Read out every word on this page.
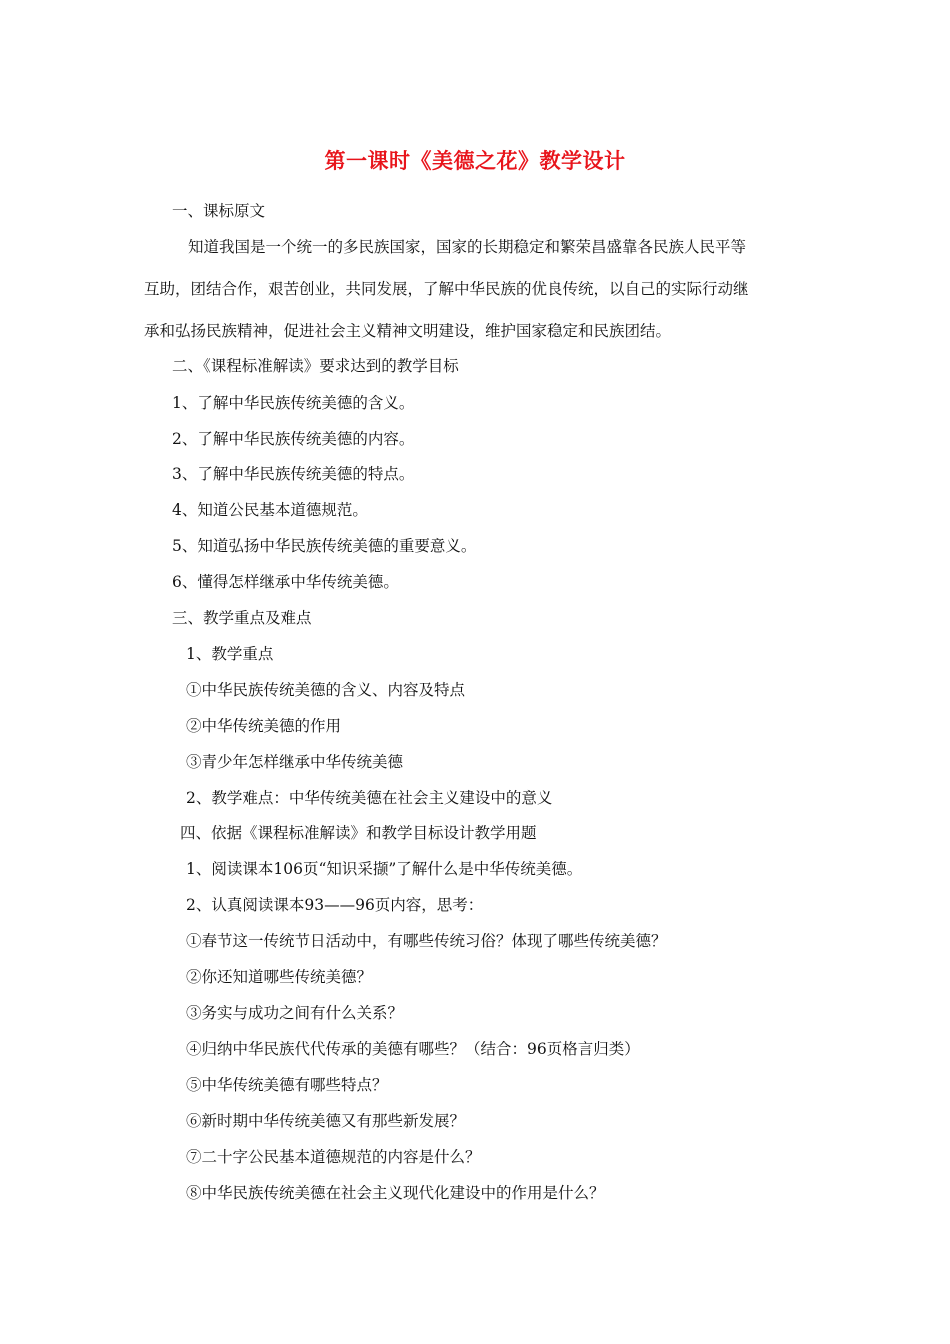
第一课时《美德之花》教学设计
一、课标原文
知道我国是一个统一的多民族国家，国家的长期稳定和繁荣昌盛靠各民族人民平等
互助，团结合作，艰苦创业，共同发展，了解中华民族的优良传统，以自己的实际行动继
承和弘扬民族精神，促进社会主义精神文明建设，维护国家稳定和民族团结。
二、《课程标准解读》要求达到的教学目标
1、了解中华民族传统美德的含义。
2、了解中华民族传统美德的内容。
3、了解中华民族传统美德的特点。
4、知道公民基本道德规范。
5、知道弘扬中华民族传统美德的重要意义。
6、懂得怎样继承中华传统美德。
三、教学重点及难点
1、教学重点
①中华民族传统美德的含义、内容及特点
②中华传统美德的作用
③青少年怎样继承中华传统美德
2、教学难点：中华传统美德在社会主义建设中的意义
四、依据《课程标准解读》和教学目标设计教学用题
1、阅读课本106页“知识采撷”了解什么是中华传统美德。
2、认真阅读课本93——96页内容，思考：
①春节这一传统节日活动中，有哪些传统习俗？体现了哪些传统美德？
②你还知道哪些传统美德？
③务实与成功之间有什么关系？
④归纳中华民族代代传承的美德有哪些？（结合：96页格言归类）
⑤中华传统美德有哪些特点？
⑥新时期中华传统美德又有那些新发展？
⑦二十字公民基本道德规范的内容是什么？
⑧中华民族传统美德在社会主义现代化建设中的作用是什么？
